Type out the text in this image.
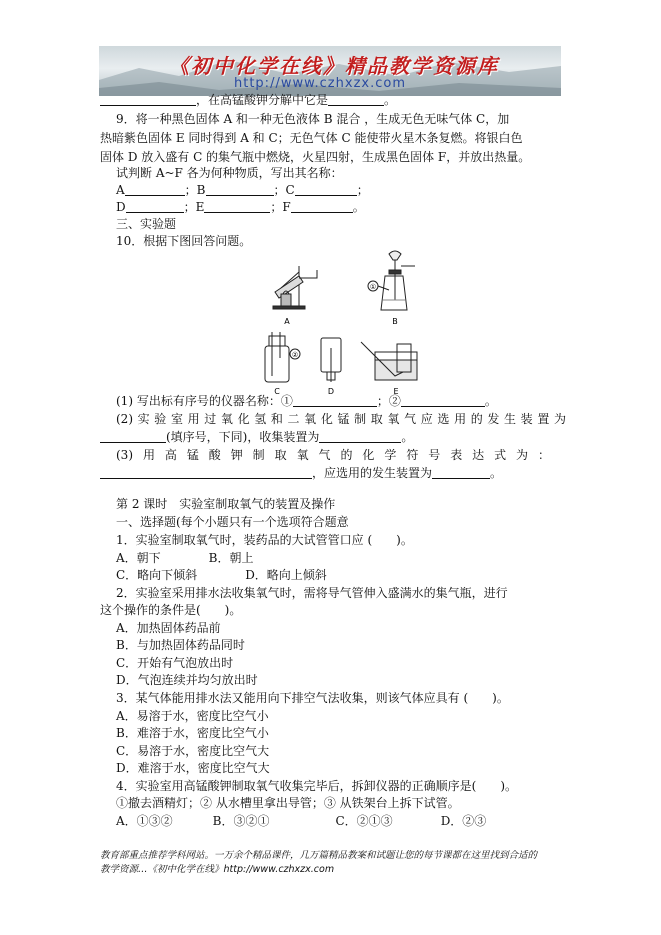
《初中化学在线》精品教学资源库
http://www.czhxzx.com
，在高锰酸钾分解中它是	。
9．将一种黑色固体 A 和一种无色液体 B 混合 ，生成无色无味气体 C，加
热暗紫色固体 E 同时得到 A 和 C；无色气体 C 能使带火星木条复燃。将银白色
固体 D 放入盛有 C 的集气瓶中燃烧，火星四射，生成黑色固体 F，并放出热量。
试判断 A~F 各为何种物质，写出其名称：
A	；B	；C	；
D	；E	；F	。
三、实验题
10．根据下图回答问题。
A	B
C	D	E
①
②
(1) 写出标有序号的仪器名称：①	；②	。
(2)实验室用过氧化氢和二氧化锰制取氧气应选用的发生装置为
(填序号，下同)，收集装置为	。
(3)用高锰酸钾制取氧气的化学符号表达式为：
，应选用的发生装置为	。
第 2 课时　实验室制取氧气的装置及操作
一、选择题(每个小题只有一个选项符合题意
1．实验室制取氧气时，装药品的大试管管口应 (　　)。
A．朝下	B．朝上
C．略向下倾斜	D．略向上倾斜
2．实验室采用排水法收集氧气时，需将导气管伸入盛满水的集气瓶，进行
这个操作的条件是(　　)。
A．加热固体药品前
B．与加热固体药品同时
C．开始有气泡放出时
D．气泡连续并均匀放出时
3．某气体能用排水法又能用向下排空气法收集，则该气体应具有 (　　)。
A．易溶于水，密度比空气小
B．难溶于水，密度比空气小
C．易溶于水，密度比空气大
D．难溶于水，密度比空气大
4．实验室用高锰酸钾制取氧气收集完毕后，拆卸仪器的正确顺序是(　　)。
①撤去酒精灯；② 从水槽里拿出导管；③ 从铁架台上拆下试管。
A．①③②	B．③②①	C．②①③	D．②③
教育部重点推荐学科网站。一万余个精品课件，几万篇精品教案和试题让您的每节课都在这里找到合适的
教学资源…《初中化学在线》http://www.czhxzx.com
